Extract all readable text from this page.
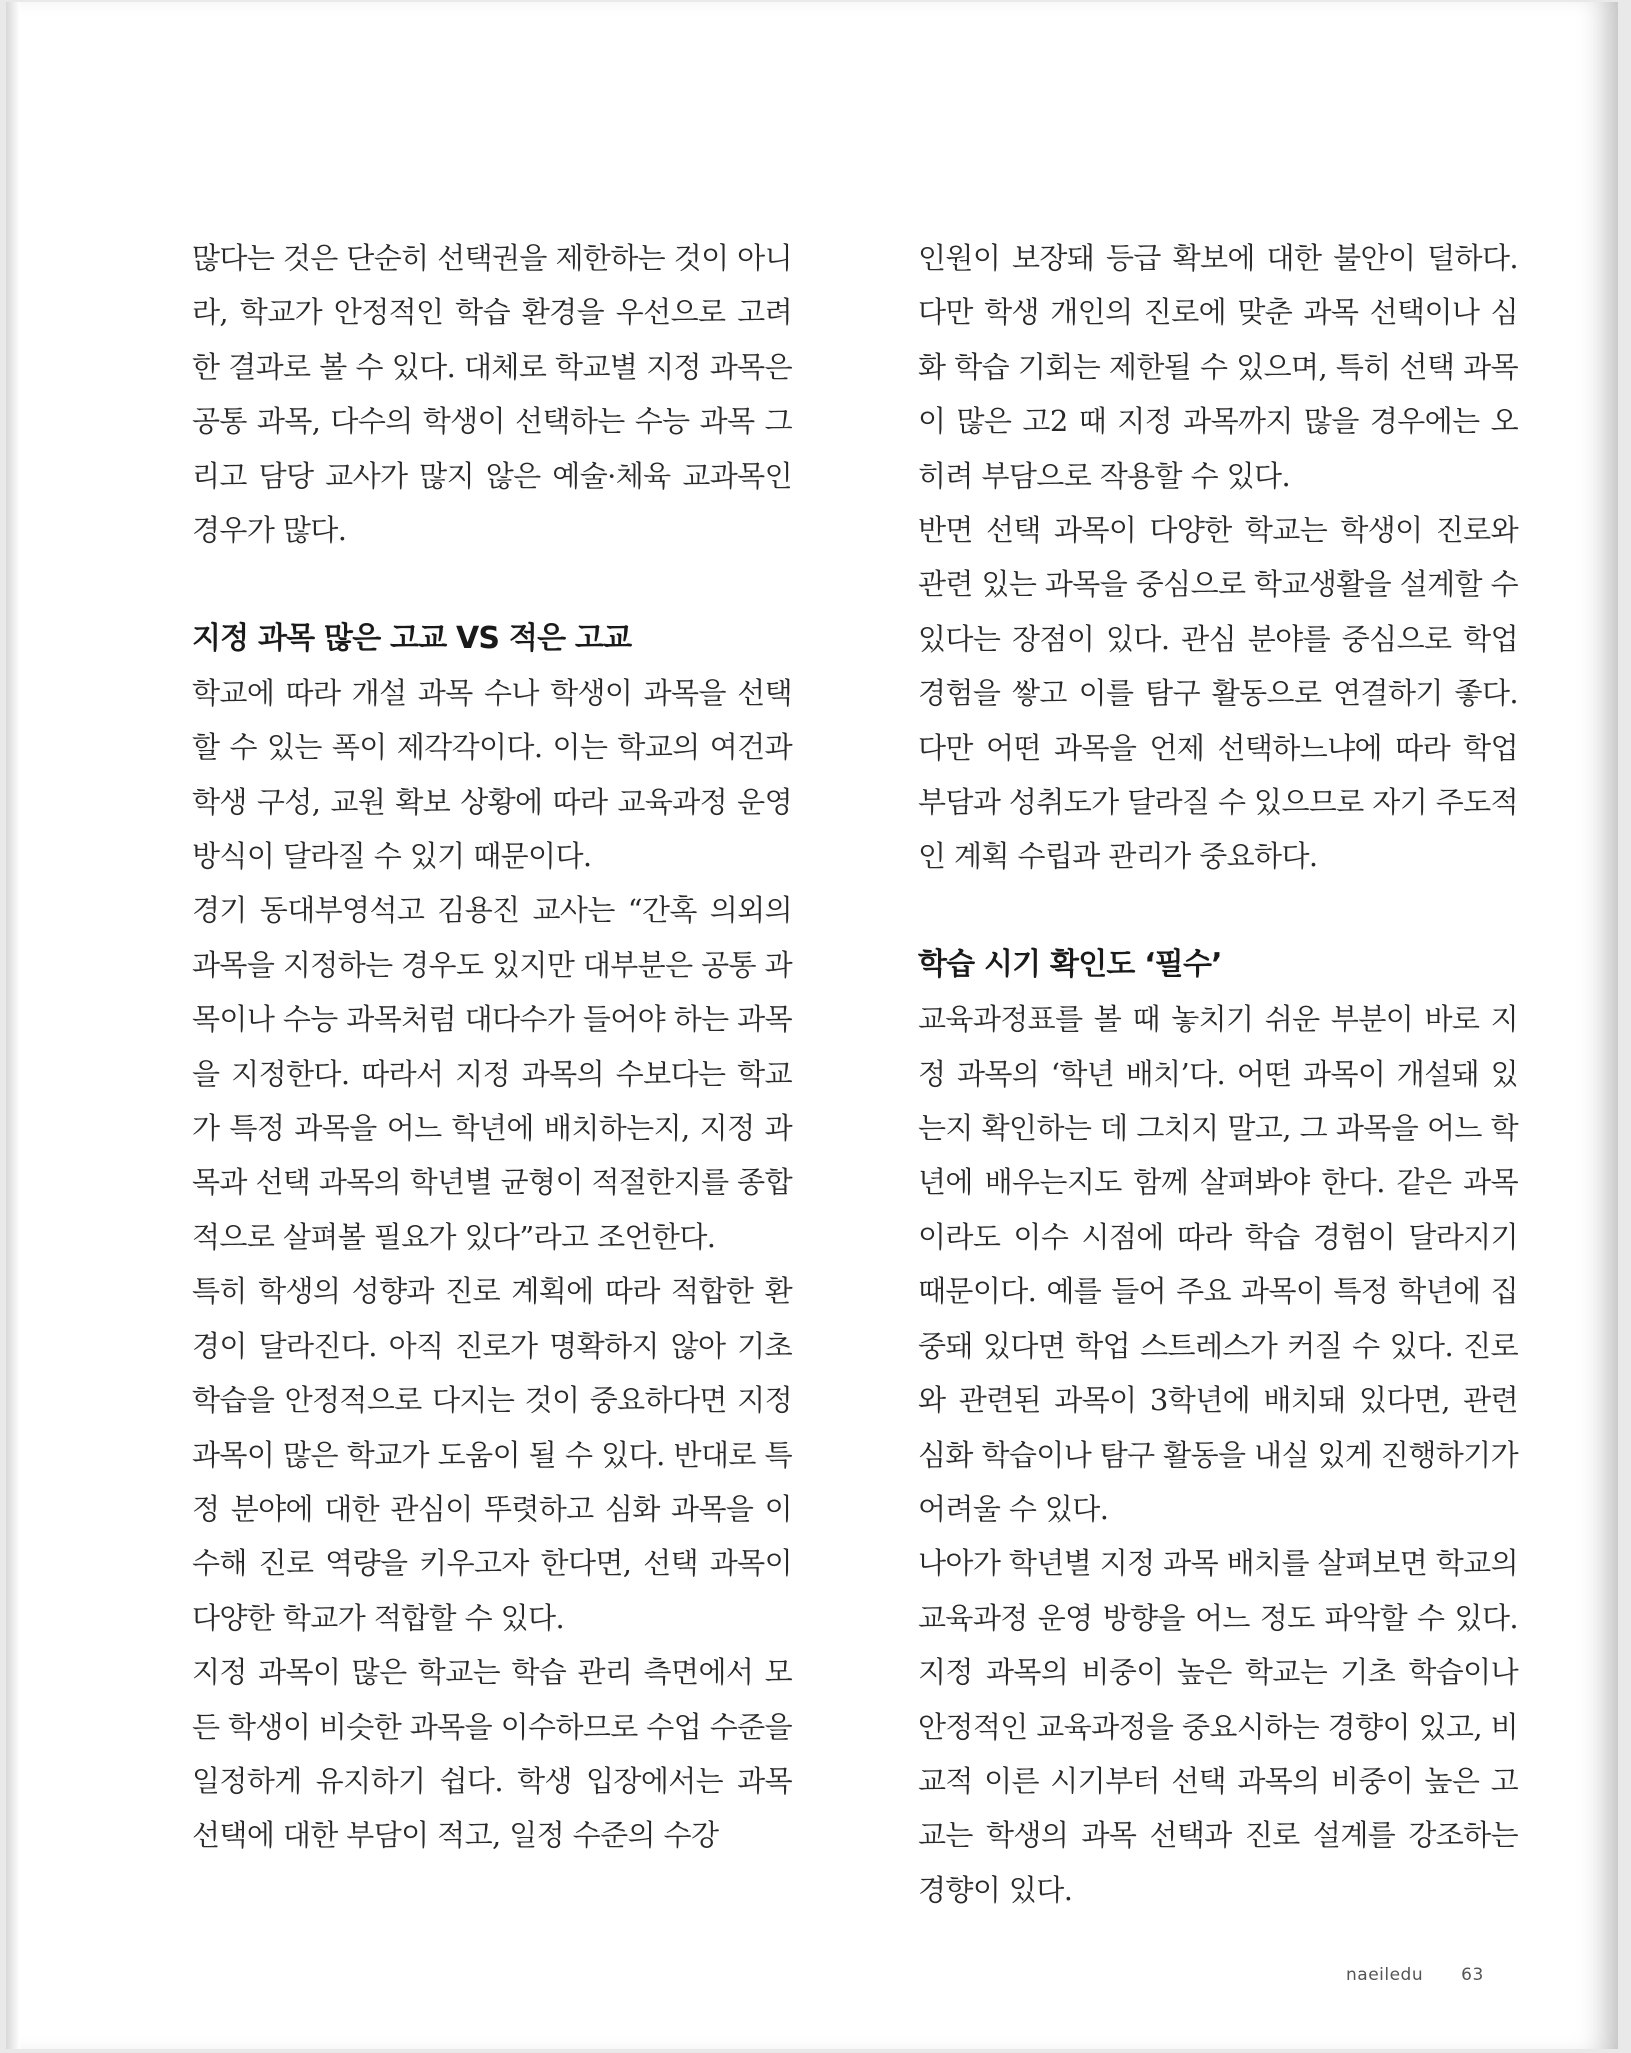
많다는 것은 단순히 선택권을 제한하는 것이 아니라, 학교가 안정적인 학습 환경을 우선으로 고려한 결과로 볼 수 있다. 대체로 학교별 지정 과목은 공통 과목, 다수의 학생이 선택하는 수능 과목 그리고 담당 교사가 많지 않은 예술·체육 교과목인 경우가 많다.

지정 과목 많은 고교 VS 적은 고교

학교에 따라 개설 과목 수나 학생이 과목을 선택할 수 있는 폭이 제각각이다. 이는 학교의 여건과 학생 구성, 교원 확보 상황에 따라 교육과정 운영 방식이 달라질 수 있기 때문이다.

경기 동대부영석고 김용진 교사는 “간혹 의외의 과목을 지정하는 경우도 있지만 대부분은 공통 과목이나 수능 과목처럼 대다수가 들어야 하는 과목을 지정한다. 따라서 지정 과목의 수보다는 학교가 특정 과목을 어느 학년에 배치하는지, 지정 과목과 선택 과목의 학년별 균형이 적절한지를 종합적으로 살펴볼 필요가 있다”라고 조언한다.

특히 학생의 성향과 진로 계획에 따라 적합한 환경이 달라진다. 아직 진로가 명확하지 않아 기초 학습을 안정적으로 다지는 것이 중요하다면 지정 과목이 많은 학교가 도움이 될 수 있다. 반대로 특정 분야에 대한 관심이 뚜렷하고 심화 과목을 이수해 진로 역량을 키우고자 한다면, 선택 과목이 다양한 학교가 적합할 수 있다.

지정 과목이 많은 학교는 학습 관리 측면에서 모든 학생이 비슷한 과목을 이수하므로 수업 수준을 일정하게 유지하기 쉽다. 학생 입장에서는 과목 선택에 대한 부담이 적고, 일정 수준의 수강

인원이 보장돼 등급 확보에 대한 불안이 덜하다. 다만 학생 개인의 진로에 맞춘 과목 선택이나 심화 학습 기회는 제한될 수 있으며, 특히 선택 과목이 많은 고2 때 지정 과목까지 많을 경우에는 오히려 부담으로 작용할 수 있다.

반면 선택 과목이 다양한 학교는 학생이 진로와 관련 있는 과목을 중심으로 학교생활을 설계할 수 있다는 장점이 있다. 관심 분야를 중심으로 학업 경험을 쌓고 이를 탐구 활동으로 연결하기 좋다. 다만 어떤 과목을 언제 선택하느냐에 따라 학업 부담과 성취도가 달라질 수 있으므로 자기 주도적인 계획 수립과 관리가 중요하다.

학습 시기 확인도 ‘필수’

교육과정표를 볼 때 놓치기 쉬운 부분이 바로 지정 과목의 ‘학년 배치’다. 어떤 과목이 개설돼 있는지 확인하는 데 그치지 말고, 그 과목을 어느 학년에 배우는지도 함께 살펴봐야 한다. 같은 과목이라도 이수 시점에 따라 학습 경험이 달라지기 때문이다. 예를 들어 주요 과목이 특정 학년에 집중돼 있다면 학업 스트레스가 커질 수 있다. 진로와 관련된 과목이 3학년에 배치돼 있다면, 관련 심화 학습이나 탐구 활동을 내실 있게 진행하기가 어려울 수 있다.

나아가 학년별 지정 과목 배치를 살펴보면 학교의 교육과정 운영 방향을 어느 정도 파악할 수 있다. 지정 과목의 비중이 높은 학교는 기초 학습이나 안정적인 교육과정을 중요시하는 경향이 있고, 비교적 이른 시기부터 선택 과목의 비중이 높은 고교는 학생의 과목 선택과 진로 설계를 강조하는 경향이 있다.

naeiledu 63
